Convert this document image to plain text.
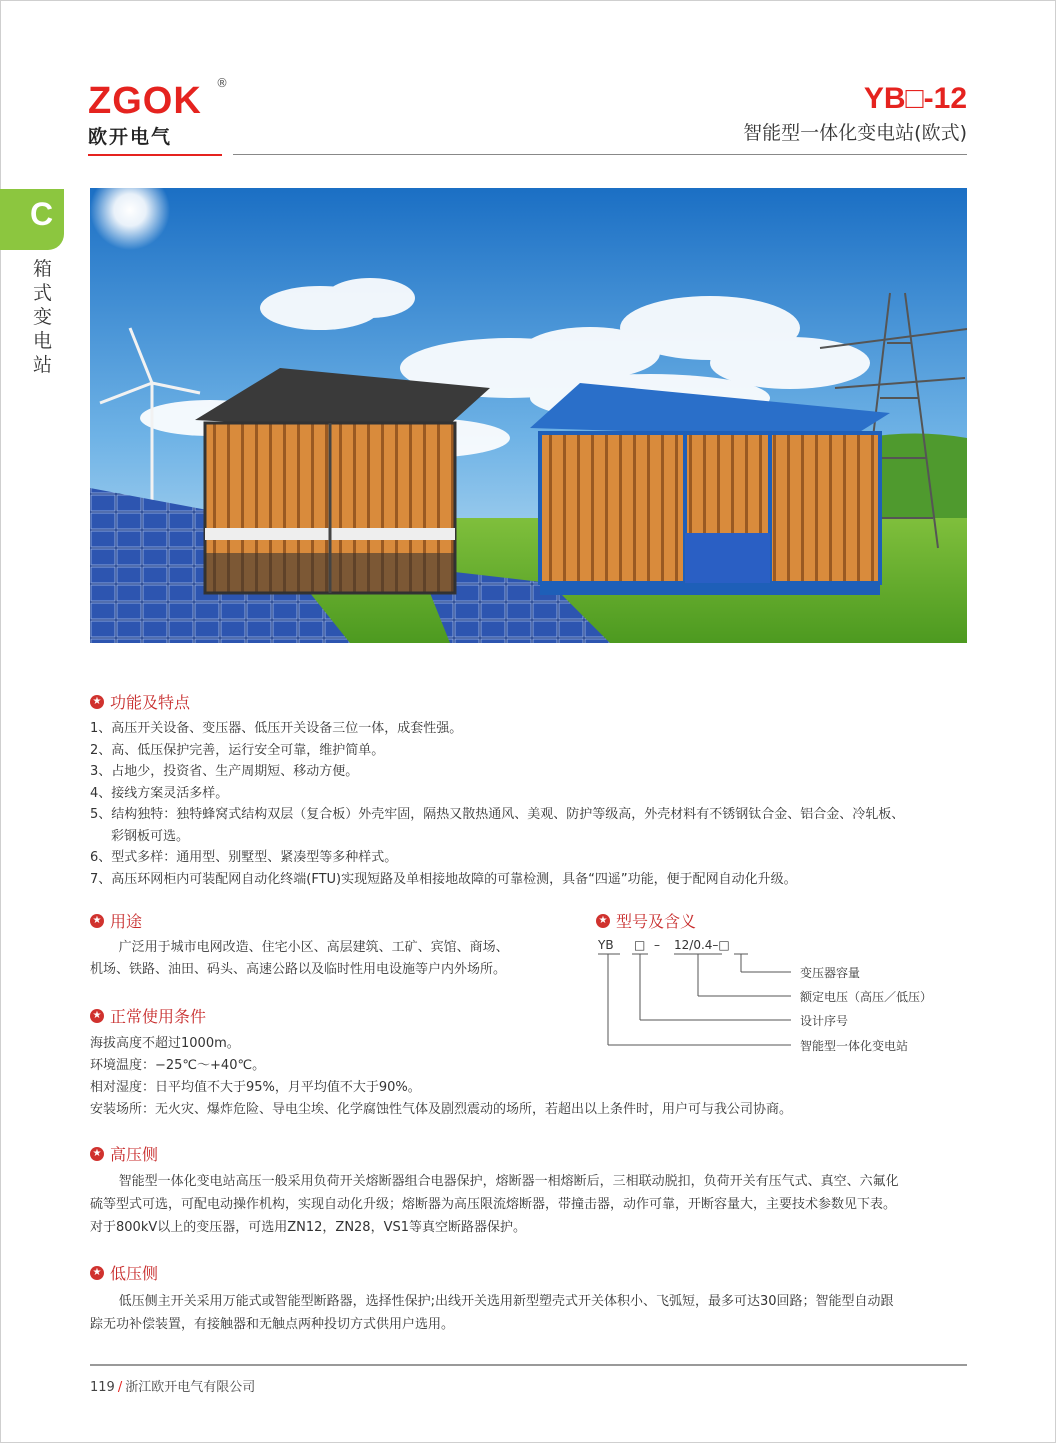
ZGOK ®
欧开电气
YB□-12
智能型一体化变电站(欧式)
C
箱式变电站
★ 功能及特点
1、高压开关设备、变压器、低压开关设备三位一体，成套性强。
2、高、低压保护完善，运行安全可靠，维护简单。
3、占地少，投资省、生产周期短、移动方便。
4、接线方案灵活多样。
5、结构独特：独特蜂窝式结构双层（复合板）外壳牢固，隔热又散热通风、美观、防护等级高，外壳材料有不锈钢钛合金、铝合金、冷轧板、
彩钢板可选。
6、型式多样：通用型、别墅型、紧凑型等多种样式。
7、高压环网柜内可装配网自动化终端(FTU)实现短路及单相接地故障的可靠检测，具备“四遥”功能，便于配网自动化升级。
★ 用途
广泛用于城市电网改造、住宅小区、高层建筑、工矿、宾馆、商场、
机场、铁路、油田、码头、高速公路以及临时性用电设施等户内外场所。
★ 型号及含义
YB □ – 12/0.4–□
变压器容量
额定电压（高压／低压）
设计序号
智能型一体化变电站
★ 正常使用条件
海拔高度不超过1000m。
环境温度：−25℃～+40℃。
相对湿度：日平均值不大于95%，月平均值不大于90%。
安装场所：无火灾、爆炸危险、导电尘埃、化学腐蚀性气体及剧烈震动的场所，若超出以上条件时，用户可与我公司协商。
★ 高压侧
智能型一体化变电站高压一般采用负荷开关熔断器组合电器保护，熔断器一相熔断后，三相联动脱扣，负荷开关有压气式、真空、六氟化
硫等型式可选，可配电动操作机构，实现自动化升级；熔断器为高压限流熔断器，带撞击器，动作可靠，开断容量大，主要技术参数见下表。
对于800kV以上的变压器，可选用ZN12，ZN28，VS1等真空断路器保护。
★ 低压侧
低压侧主开关采用万能式或智能型断路器，选择性保护;出线开关选用新型塑壳式开关体积小、飞弧短，最多可达30回路；智能型自动跟
踪无功补偿装置，有接触器和无触点两种投切方式供用户选用。
119 / 浙江欧开电气有限公司
